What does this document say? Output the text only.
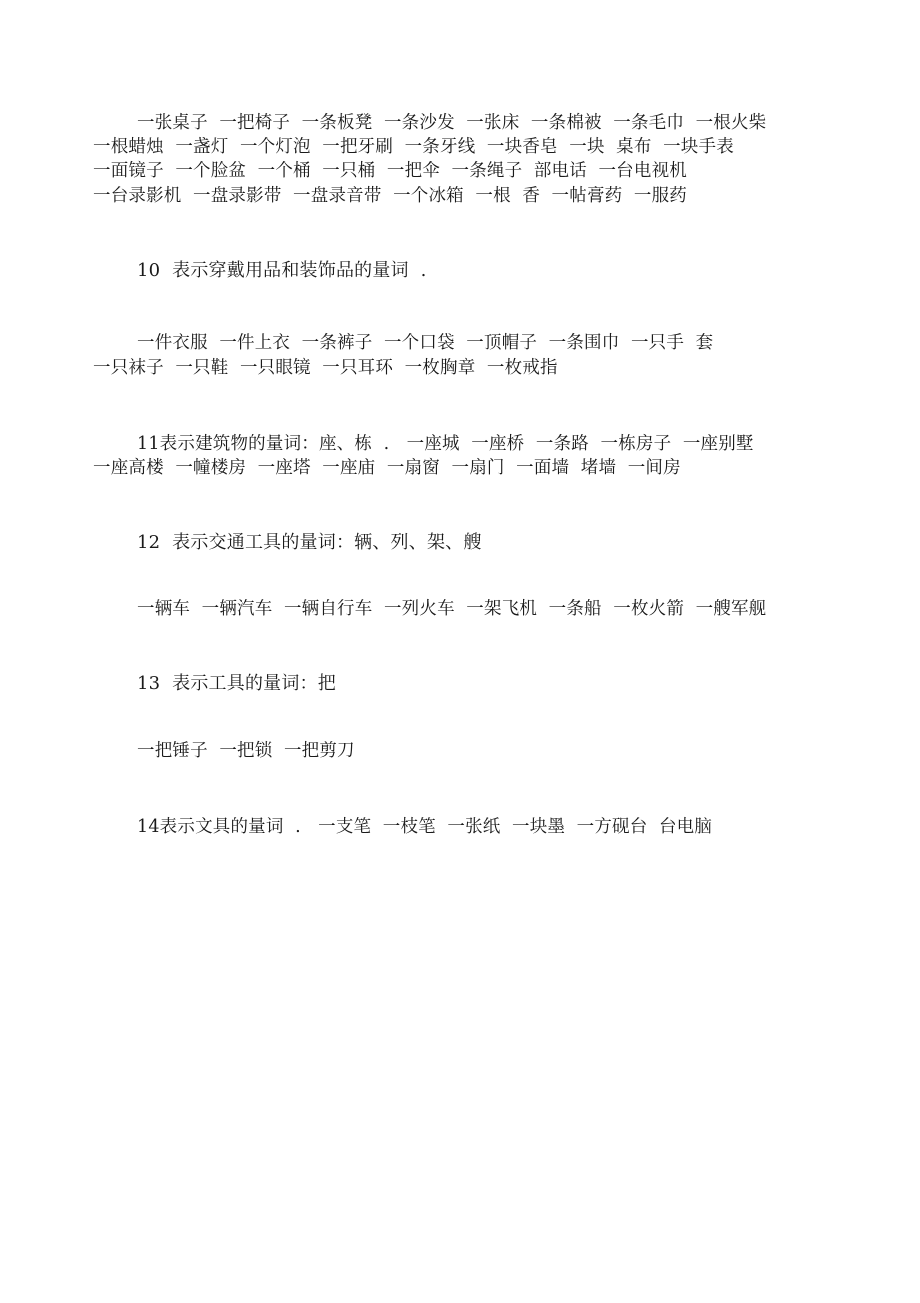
一张桌子  一把椅子  一条板凳  一条沙发  一张床  一条棉被  一条毛巾  一根火柴
一根蜡烛  一盏灯  一个灯泡  一把牙刷  一条牙线  一块香皂  一块  桌布  一块手表
一面镜子  一个脸盆  一个桶  一只桶  一把伞  一条绳子  部电话  一台电视机
一台录影机  一盘录影带  一盘录音带  一个冰箱  一根  香  一帖膏药  一服药
10  表示穿戴用品和装饰品的量词  .
一件衣服  一件上衣  一条裤子  一个口袋  一顶帽子  一条围巾  一只手  套
一只袜子  一只鞋  一只眼镜  一只耳环  一枚胸章  一枚戒指
11表示建筑物的量词：座、栋  .   一座城  一座桥  一条路  一栋房子  一座别墅
一座高楼  一幢楼房  一座塔  一座庙  一扇窗  一扇门  一面墙  堵墙  一间房
12  表示交通工具的量词：辆、列、架、艘
一辆车  一辆汽车  一辆自行车  一列火车  一架飞机  一条船  一枚火箭  一艘军舰
13  表示工具的量词：把
一把锤子  一把锁  一把剪刀
14表示文具的量词  .   一支笔  一枝笔  一张纸  一块墨  一方砚台  台电脑
